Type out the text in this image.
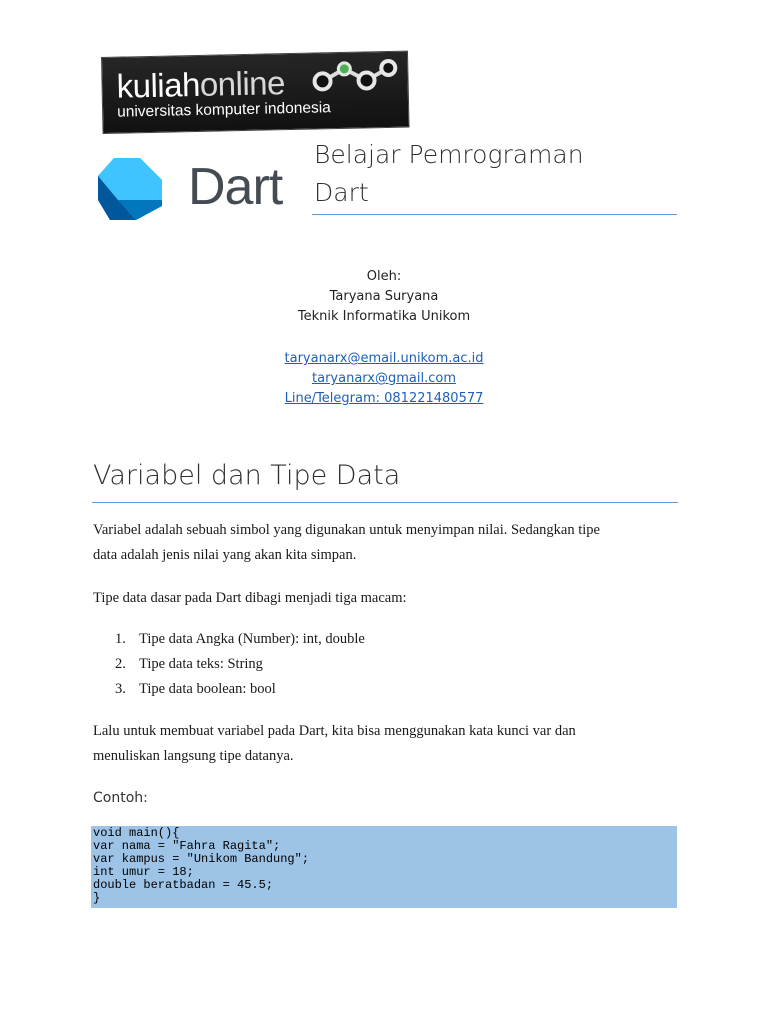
kuliahonline
universitas komputer indonesia
Dart
Belajar Pemrograman
Dart
Oleh:
Taryana Suryana
Teknik Informatika Unikom
taryanarx@email.unikom.ac.id
taryanarx@gmail.com
Line/Telegram: 081221480577
Variabel dan Tipe Data
Variabel adalah sebuah simbol yang digunakan untuk menyimpan nilai. Sedangkan tipe
data adalah jenis nilai yang akan kita simpan.
Tipe data dasar pada Dart dibagi menjadi tiga macam:
1. Tipe data Angka (Number): int, double
2. Tipe data teks: String
3. Tipe data boolean: bool
Lalu untuk membuat variabel pada Dart, kita bisa menggunakan kata kunci var dan
menuliskan langsung tipe datanya.
Contoh:
void main(){
var nama = "Fahra Ragita";
var kampus = "Unikom Bandung";
int umur = 18;
double beratbadan = 45.5;
}
